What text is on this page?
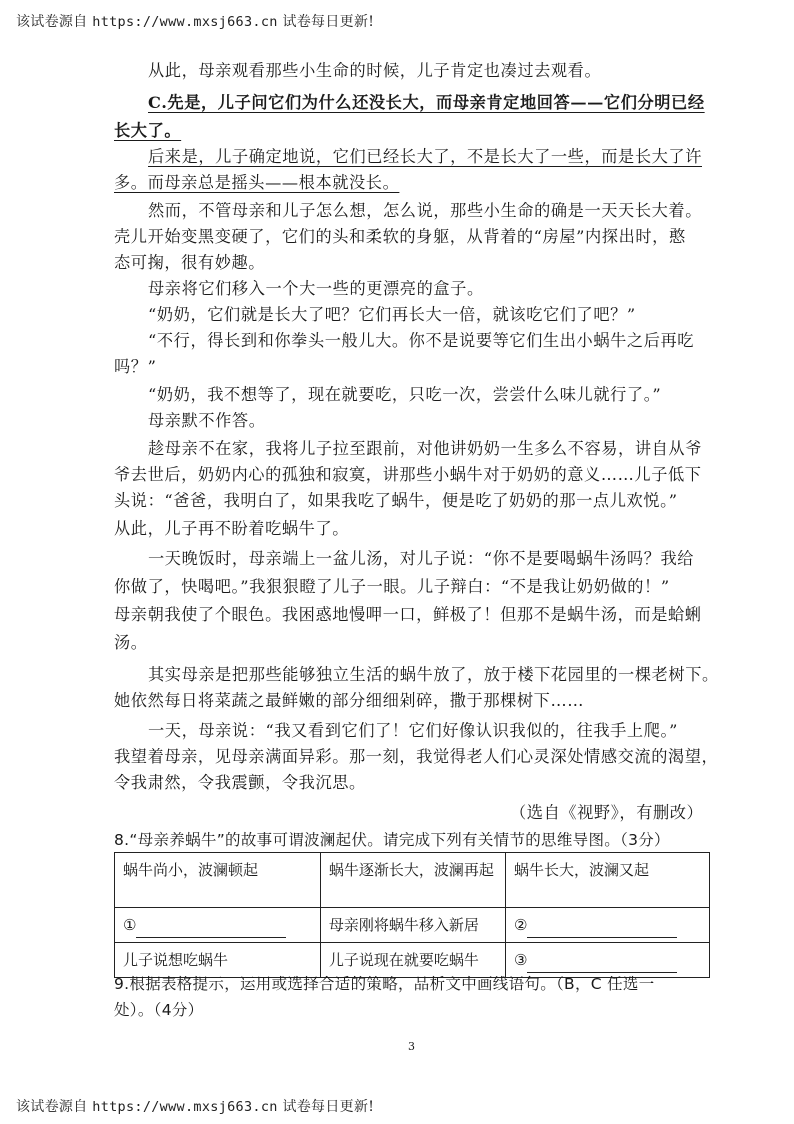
该试卷源自 https://www.mxsj663.cn 试卷每日更新!
从此，母亲观看那些小生命的时候，儿子肯定也凑过去观看。
C.先是，儿子问它们为什么还没长大，而母亲肯定地回答——它们分明已经
长大了。
后来是，儿子确定地说，它们已经长大了，不是长大了一些，而是长大了许
多。而母亲总是摇头——根本就没长。
然而，不管母亲和儿子怎么想，怎么说，那些小生命的确是一天天长大着。
壳儿开始变黑变硬了，它们的头和柔软的身躯，从背着的“房屋”内探出时，憨
态可掬，很有妙趣。
母亲将它们移入一个大一些的更漂亮的盒子。
“奶奶，它们就是长大了吧？它们再长大一倍，就该吃它们了吧？”
“不行，得长到和你拳头一般儿大。你不是说要等它们生出小蜗牛之后再吃
吗？”
“奶奶，我不想等了，现在就要吃，只吃一次，尝尝什么味儿就行了。”
母亲默不作答。
趁母亲不在家，我将儿子拉至跟前，对他讲奶奶一生多么不容易，讲自从爷
爷去世后，奶奶内心的孤独和寂寞，讲那些小蜗牛对于奶奶的意义……儿子低下
头说：“爸爸，我明白了，如果我吃了蜗牛，便是吃了奶奶的那一点儿欢悦。”
从此，儿子再不盼着吃蜗牛了。
一天晚饭时，母亲端上一盆儿汤，对儿子说：“你不是要喝蜗牛汤吗？我给
你做了，快喝吧。”我狠狠瞪了儿子一眼。儿子辩白：“不是我让奶奶做的！”
母亲朝我使了个眼色。我困惑地慢呷一口，鲜极了！但那不是蜗牛汤，而是蛤蜊
汤。
其实母亲是把那些能够独立生活的蜗牛放了，放于楼下花园里的一棵老树下。
她依然每日将菜蔬之最鲜嫩的部分细细剁碎，撒于那棵树下……
一天，母亲说：“我又看到它们了！它们好像认识我似的，往我手上爬。”
我望着母亲，见母亲满面异彩。那一刻，我觉得老人们心灵深处情感交流的渴望，
令我肃然，令我震颤，令我沉思。
（选自《视野》，有删改）
8.“母亲养蜗牛”的故事可谓波澜起伏。请完成下列有关情节的思维导图。（3分）
蜗牛尚小，波澜顿起	蜗牛逐渐长大，波澜再起	蜗牛长大，波澜又起
①	母亲刚将蜗牛移入新居	②
儿子说想吃蜗牛	儿子说现在就要吃蜗牛	③
9.根据表格提示，运用或选择合适的策略，品析文中画线语句。（B，C 任选一
处）。（4分）
3
该试卷源自 https://www.mxsj663.cn 试卷每日更新!
